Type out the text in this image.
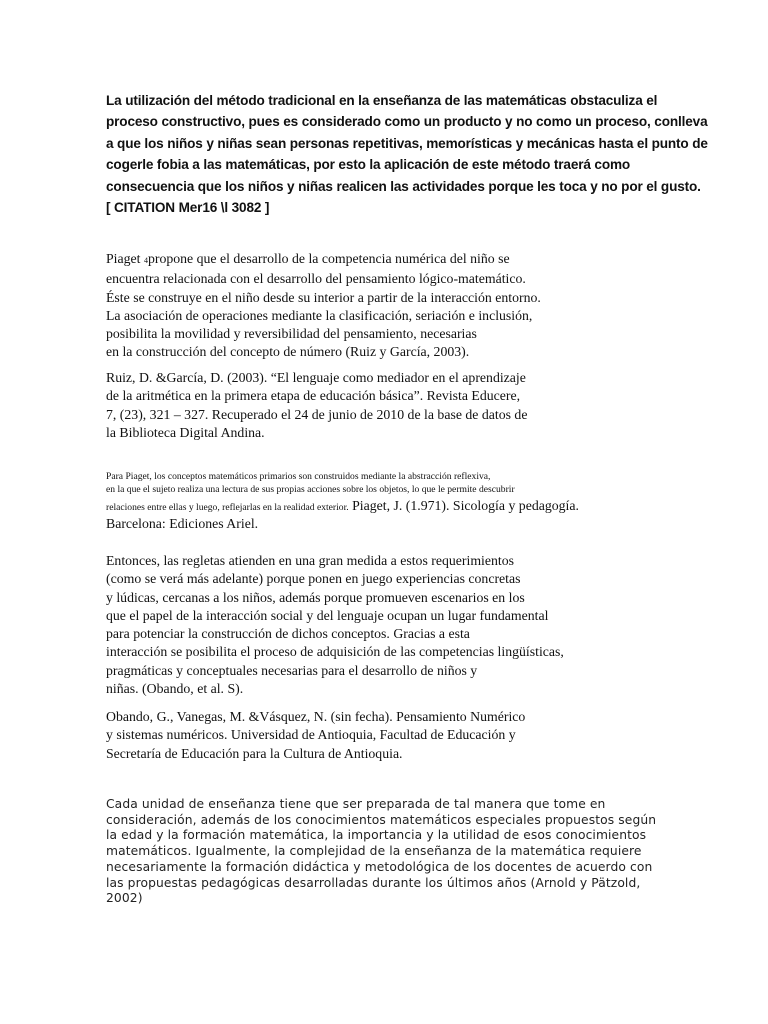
La utilización del método tradicional en la enseñanza de las matemáticas obstaculiza el
proceso constructivo, pues es considerado como un producto y no como un proceso, conlleva
a que los niños y niñas sean personas repetitivas, memorísticas y mecánicas hasta el punto de
cogerle fobia a las matemáticas, por esto la aplicación de este método traerá como
consecuencia que los niños y niñas realicen las actividades porque les toca y no por el gusto.
[ CITATION Mer16 \l 3082 ]
Piaget 4propone que el desarrollo de la competencia numérica del niño se
encuentra relacionada con el desarrollo del pensamiento lógico-matemático.
Éste se construye en el niño desde su interior a partir de la interacción entorno.
La asociación de operaciones mediante la clasificación, seriación e inclusión,
posibilita la movilidad y reversibilidad del pensamiento, necesarias
en la construcción del concepto de número (Ruiz y García, 2003).
Ruiz, D. &García, D. (2003). “El lenguaje como mediador en el aprendizaje
de la aritmética en la primera etapa de educación básica”. Revista Educere,
7, (23), 321 – 327. Recuperado el 24 de junio de 2010 de la base de datos de
la Biblioteca Digital Andina.
Para Piaget, los conceptos matemáticos primarios son construidos mediante la abstracción reflexiva,
en la que el sujeto realiza una lectura de sus propias acciones sobre los objetos, lo que le permite descubrir
relaciones entre ellas y luego, reflejarlas en la realidad exterior. Piaget, J. (1.971). Sicología y pedagogía.
Barcelona: Ediciones Ariel.
Entonces, las regletas atienden en una gran medida a estos requerimientos
(como se verá más adelante) porque ponen en juego experiencias concretas
y lúdicas, cercanas a los niños, además porque promueven escenarios en los
que el papel de la interacción social y del lenguaje ocupan un lugar fundamental
para potenciar la construcción de dichos conceptos. Gracias a esta
interacción se posibilita el proceso de adquisición de las competencias lingüísticas,
pragmáticas y conceptuales necesarias para el desarrollo de niños y
niñas. (Obando, et al. S).
Obando, G., Vanegas, M. &Vásquez, N. (sin fecha). Pensamiento Numérico
y sistemas numéricos. Universidad de Antioquia, Facultad de Educación y
Secretaría de Educación para la Cultura de Antioquia.
Cada unidad de enseñanza tiene que ser preparada de tal manera que tome en
consideración, además de los conocimientos matemáticos especiales propuestos según
la edad y la formación matemática, la importancia y la utilidad de esos conocimientos
matemáticos. Igualmente, la complejidad de la enseñanza de la matemática requiere
necesariamente la formación didáctica y metodológica de los docentes de acuerdo con
las propuestas pedagógicas desarrolladas durante los últimos años (Arnold y Pätzold,
2002)
